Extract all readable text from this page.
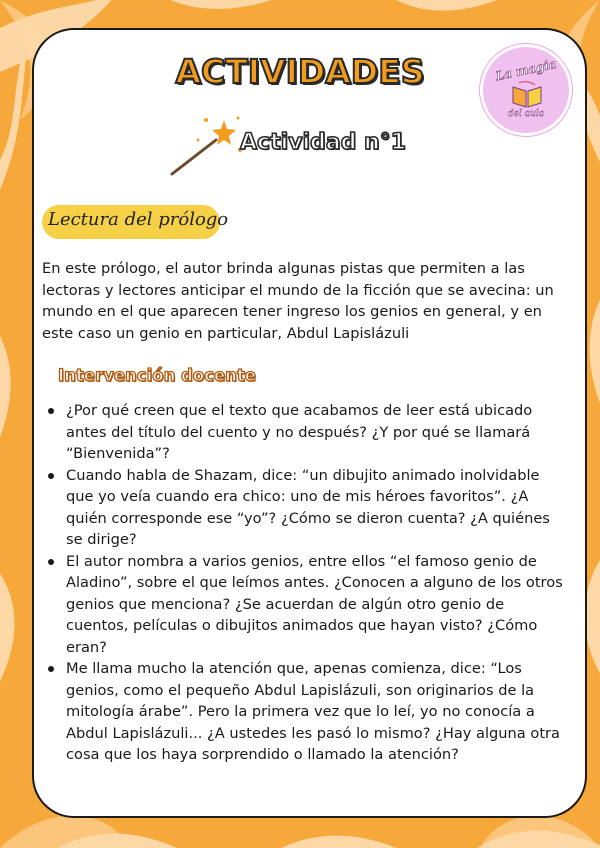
ACTIVIDADES	La magia
del aula
Actividad n°1
Lectura del prólogo
En este prólogo, el autor brinda algunas pistas que permiten a las lectoras y lectores anticipar el mundo de la ficción que se avecina: un mundo en el que aparecen tener ingreso los genios en general, y en este caso un genio en particular, Abdul Lapislázuli
Intervención docente
¿Por qué creen que el texto que acabamos de leer está ubicado antes del título del cuento y no después? ¿Y por qué se llamará “Bienvenida”?
Cuando habla de Shazam, dice: “un dibujito animado inolvidable que yo veía cuando era chico: uno de mis héroes favoritos”. ¿A quién corresponde ese “yo”? ¿Cómo se dieron cuenta? ¿A quiénes se dirige?
El autor nombra a varios genios, entre ellos “el famoso genio de Aladino”, sobre el que leímos antes. ¿Conocen a alguno de los otros genios que menciona? ¿Se acuerdan de algún otro genio de cuentos, películas o dibujitos animados que hayan visto? ¿Cómo eran?
Me llama mucho la atención que, apenas comienza, dice: “Los genios, como el pequeño Abdul Lapislázuli, son originarios de la mitología árabe”. Pero la primera vez que lo leí, yo no conocía a Abdul Lapislázuli... ¿A ustedes les pasó lo mismo? ¿Hay alguna otra cosa que los haya sorprendido o llamado la atención?
